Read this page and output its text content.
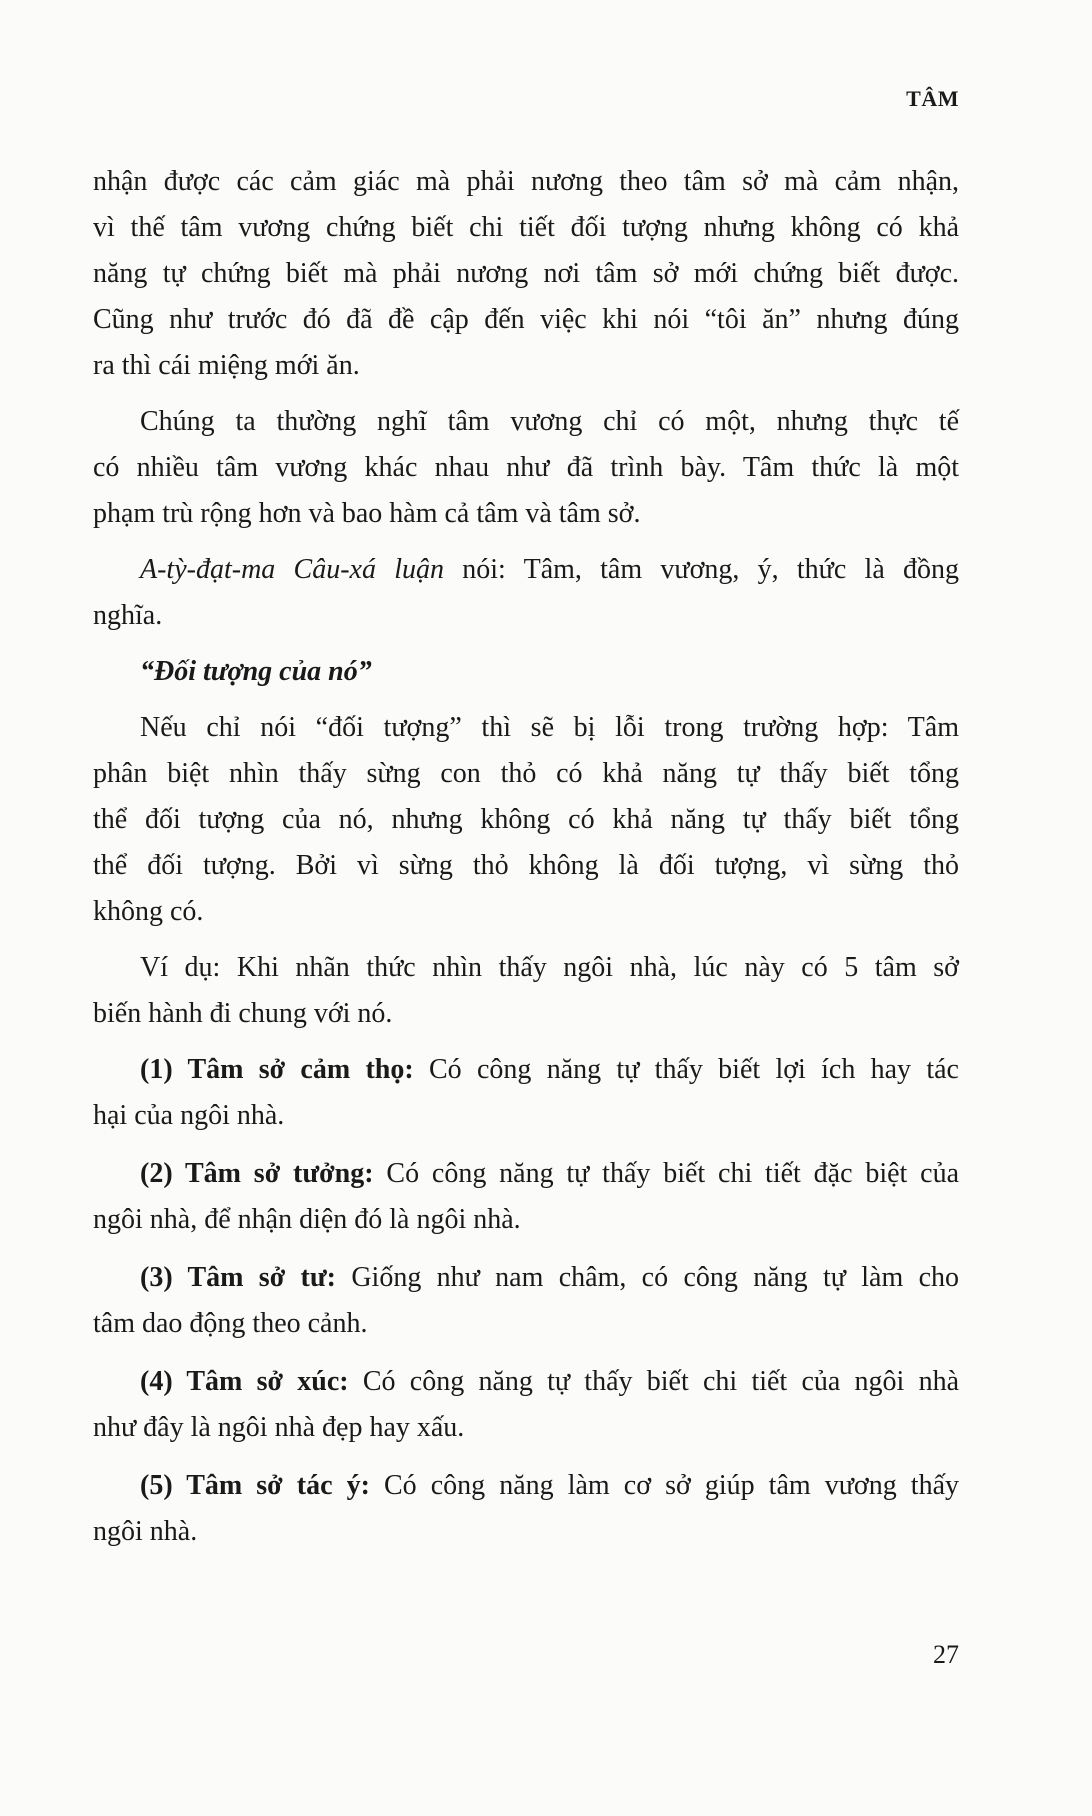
TÂM
nhận được các cảm giác mà phải nương theo tâm sở mà cảm nhận,
vì thế tâm vương chứng biết chi tiết đối tượng nhưng không có khả
năng tự chứng biết mà phải nương nơi tâm sở mới chứng biết được.
Cũng như trước đó đã đề cập đến việc khi nói “tôi ăn” nhưng đúng
ra thì cái miệng mới ăn.
Chúng ta thường nghĩ tâm vương chỉ có một, nhưng thực tế
có nhiều tâm vương khác nhau như đã trình bày. Tâm thức là một
phạm trù rộng hơn và bao hàm cả tâm và tâm sở.
A-tỳ-đạt-ma Câu-xá luận nói: Tâm, tâm vương, ý, thức là đồng
nghĩa.
“Đối tượng của nó”
Nếu chỉ nói “đối tượng” thì sẽ bị lỗi trong trường hợp: Tâm
phân biệt nhìn thấy sừng con thỏ có khả năng tự thấy biết tổng
thể đối tượng của nó, nhưng không có khả năng tự thấy biết tổng
thể đối tượng. Bởi vì sừng thỏ không là đối tượng, vì sừng thỏ
không có.
Ví dụ: Khi nhãn thức nhìn thấy ngôi nhà, lúc này có 5 tâm sở
biến hành đi chung với nó.
(1) Tâm sở cảm thọ: Có công năng tự thấy biết lợi ích hay tác
hại của ngôi nhà.
(2) Tâm sở tưởng: Có công năng tự thấy biết chi tiết đặc biệt của
ngôi nhà, để nhận diện đó là ngôi nhà.
(3) Tâm sở tư: Giống như nam châm, có công năng tự làm cho
tâm dao động theo cảnh.
(4) Tâm sở xúc: Có công năng tự thấy biết chi tiết của ngôi nhà
như đây là ngôi nhà đẹp hay xấu.
(5) Tâm sở tác ý: Có công năng làm cơ sở giúp tâm vương thấy
ngôi nhà.
27
